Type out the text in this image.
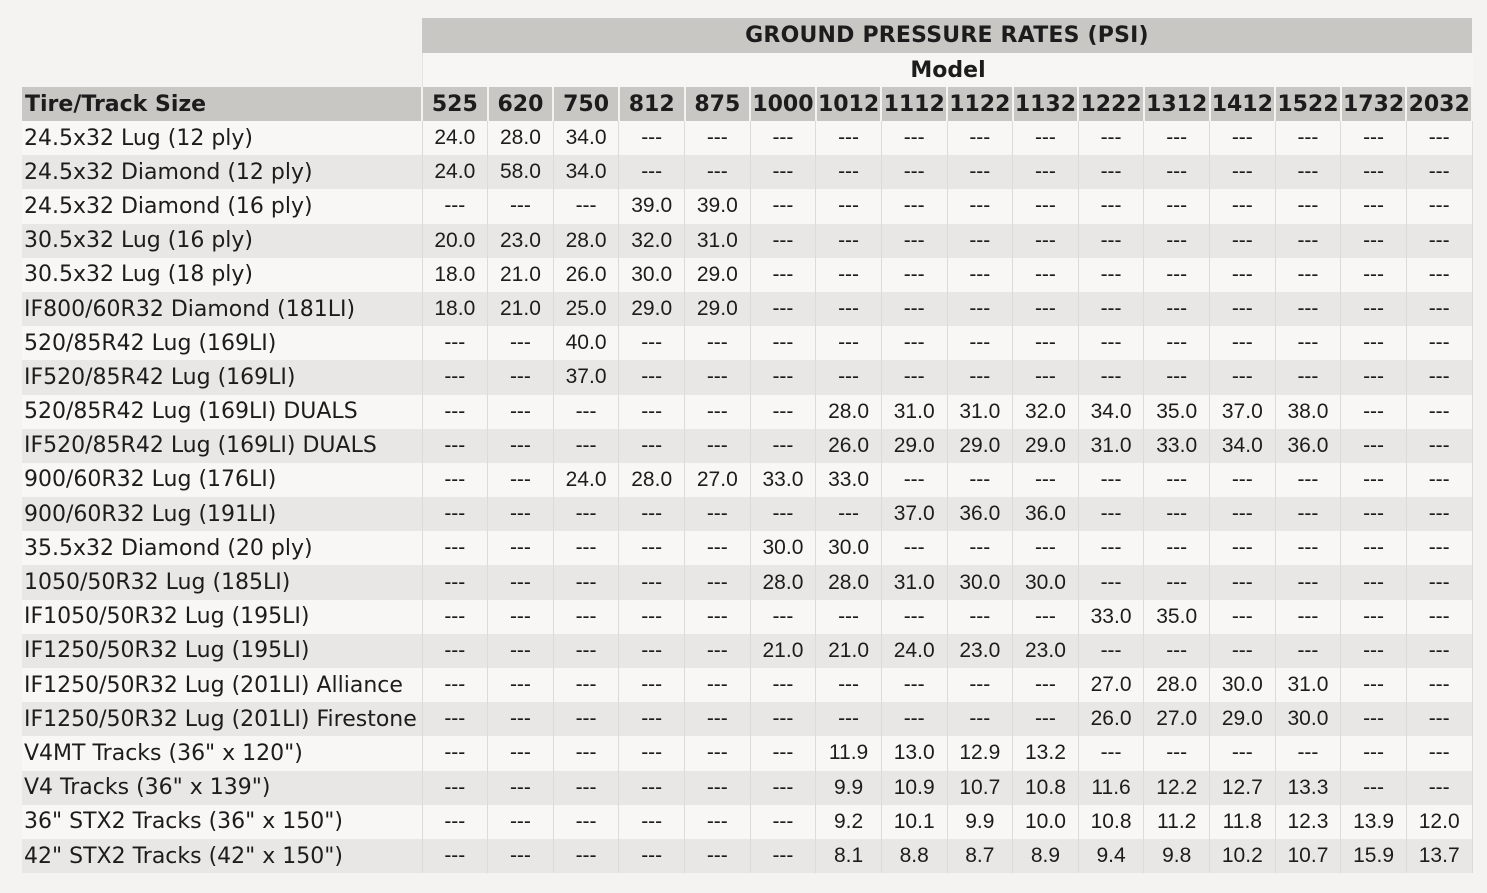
GROUND PRESSURE RATES (PSI)
Model
Tire/Track Size	525	620	750	812	875	1000	1012	1112	1122	1132	1222	1312	1412	1522	1732	2032
24.5x32 Lug (12 ply)	24.0	28.0	34.0	---	---	---	---	---	---	---	---	---	---	---	---	---
24.5x32 Diamond (12 ply)	24.0	58.0	34.0	---	---	---	---	---	---	---	---	---	---	---	---	---
24.5x32 Diamond (16 ply)	---	---	---	39.0	39.0	---	---	---	---	---	---	---	---	---	---	---
30.5x32 Lug (16 ply)	20.0	23.0	28.0	32.0	31.0	---	---	---	---	---	---	---	---	---	---	---
30.5x32 Lug (18 ply)	18.0	21.0	26.0	30.0	29.0	---	---	---	---	---	---	---	---	---	---	---
IF800/60R32 Diamond (181LI)	18.0	21.0	25.0	29.0	29.0	---	---	---	---	---	---	---	---	---	---	---
520/85R42 Lug (169LI)	---	---	40.0	---	---	---	---	---	---	---	---	---	---	---	---	---
IF520/85R42 Lug (169LI)	---	---	37.0	---	---	---	---	---	---	---	---	---	---	---	---	---
520/85R42 Lug (169LI) DUALS	---	---	---	---	---	---	28.0	31.0	31.0	32.0	34.0	35.0	37.0	38.0	---	---
IF520/85R42 Lug (169LI) DUALS	---	---	---	---	---	---	26.0	29.0	29.0	29.0	31.0	33.0	34.0	36.0	---	---
900/60R32 Lug (176LI)	---	---	24.0	28.0	27.0	33.0	33.0	---	---	---	---	---	---	---	---	---
900/60R32 Lug (191LI)	---	---	---	---	---	---	---	37.0	36.0	36.0	---	---	---	---	---	---
35.5x32 Diamond (20 ply)	---	---	---	---	---	30.0	30.0	---	---	---	---	---	---	---	---	---
1050/50R32 Lug (185LI)	---	---	---	---	---	28.0	28.0	31.0	30.0	30.0	---	---	---	---	---	---
IF1050/50R32 Lug (195LI)	---	---	---	---	---	---	---	---	---	---	33.0	35.0	---	---	---	---
IF1250/50R32 Lug (195LI)	---	---	---	---	---	21.0	21.0	24.0	23.0	23.0	---	---	---	---	---	---
IF1250/50R32 Lug (201LI) Alliance	---	---	---	---	---	---	---	---	---	---	27.0	28.0	30.0	31.0	---	---
IF1250/50R32 Lug (201LI) Firestone	---	---	---	---	---	---	---	---	---	---	26.0	27.0	29.0	30.0	---	---
V4MT Tracks (36" x 120")	---	---	---	---	---	---	11.9	13.0	12.9	13.2	---	---	---	---	---	---
V4 Tracks (36" x 139")	---	---	---	---	---	---	9.9	10.9	10.7	10.8	11.6	12.2	12.7	13.3	---	---
36" STX2 Tracks (36" x 150")	---	---	---	---	---	---	9.2	10.1	9.9	10.0	10.8	11.2	11.8	12.3	13.9	12.0
42" STX2 Tracks (42" x 150")	---	---	---	---	---	---	8.1	8.8	8.7	8.9	9.4	9.8	10.2	10.7	15.9	13.7
